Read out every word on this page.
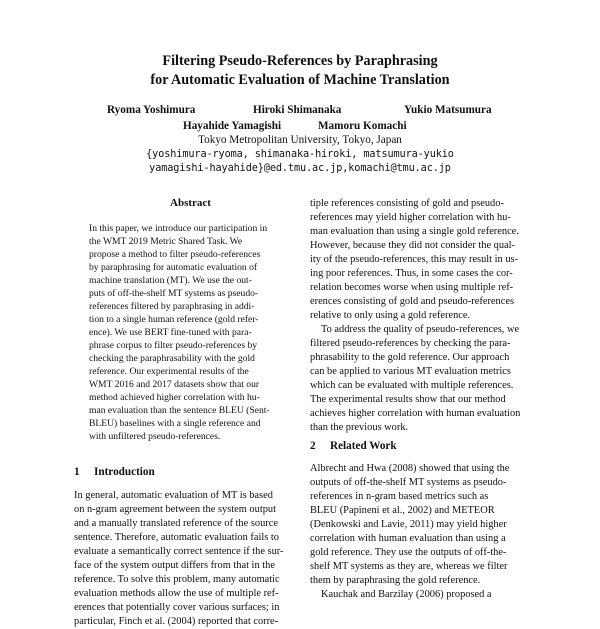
Filtering Pseudo-References by Paraphrasing
for Automatic Evaluation of Machine Translation
Ryoma Yoshimura	Hiroki Shimanaka	Yukio Matsumura
Hayahide Yamagishi	Mamoru Komachi
Tokyo Metropolitan University, Tokyo, Japan
{yoshimura-ryoma, shimanaka-hiroki, matsumura-yukio
yamagishi-hayahide}@ed.tmu.ac.jp,komachi@tmu.ac.jp
Abstract
In this paper, we introduce our participation in
the WMT 2019 Metric Shared Task. We
propose a method to filter pseudo-references
by paraphrasing for automatic evaluation of
machine translation (MT). We use the out-
puts of off-the-shelf MT systems as pseudo-
references filtered by paraphrasing in addi-
tion to a single human reference (gold refer-
ence). We use BERT fine-tuned with para-
phrase corpus to filter pseudo-references by
checking the paraphrasability with the gold
reference. Our experimental results of the
WMT 2016 and 2017 datasets show that our
method achieved higher correlation with hu-
man evaluation than the sentence BLEU (Sent-
BLEU) baselines with a single reference and
with unfiltered pseudo-references.
1 Introduction
In general, automatic evaluation of MT is based
on n-gram agreement between the system output
and a manually translated reference of the source
sentence. Therefore, automatic evaluation fails to
evaluate a semantically correct sentence if the sur-
face of the system output differs from that in the
reference. To solve this problem, many automatic
evaluation methods allow the use of multiple ref-
erences that potentially cover various surfaces; in
particular, Finch et al. (2004) reported that corre-
tiple references consisting of gold and pseudo-
references may yield higher correlation with hu-
man evaluation than using a single gold reference.
However, because they did not consider the qual-
ity of the pseudo-references, this may result in us-
ing poor references. Thus, in some cases the cor-
relation becomes worse when using multiple ref-
erences consisting of gold and pseudo-references
relative to only using a gold reference.
To address the quality of pseudo-references, we
filtered pseudo-references by checking the para-
phrasability to the gold reference. Our approach
can be applied to various MT evaluation metrics
which can be evaluated with multiple references.
The experimental results show that our method
achieves higher correlation with human evaluation
than the previous work.
2 Related Work
Albrecht and Hwa (2008) showed that using the
outputs of off-the-shelf MT systems as pseudo-
references in n-gram based metrics such as
BLEU (Papineni et al., 2002) and METEOR
(Denkowski and Lavie, 2011) may yield higher
correlation with human evaluation than using a
gold reference. They use the outputs of off-the-
shelf MT systems as they are, whereas we filter
them by paraphrasing the gold reference.
Kauchak and Barzilay (2006) proposed a
